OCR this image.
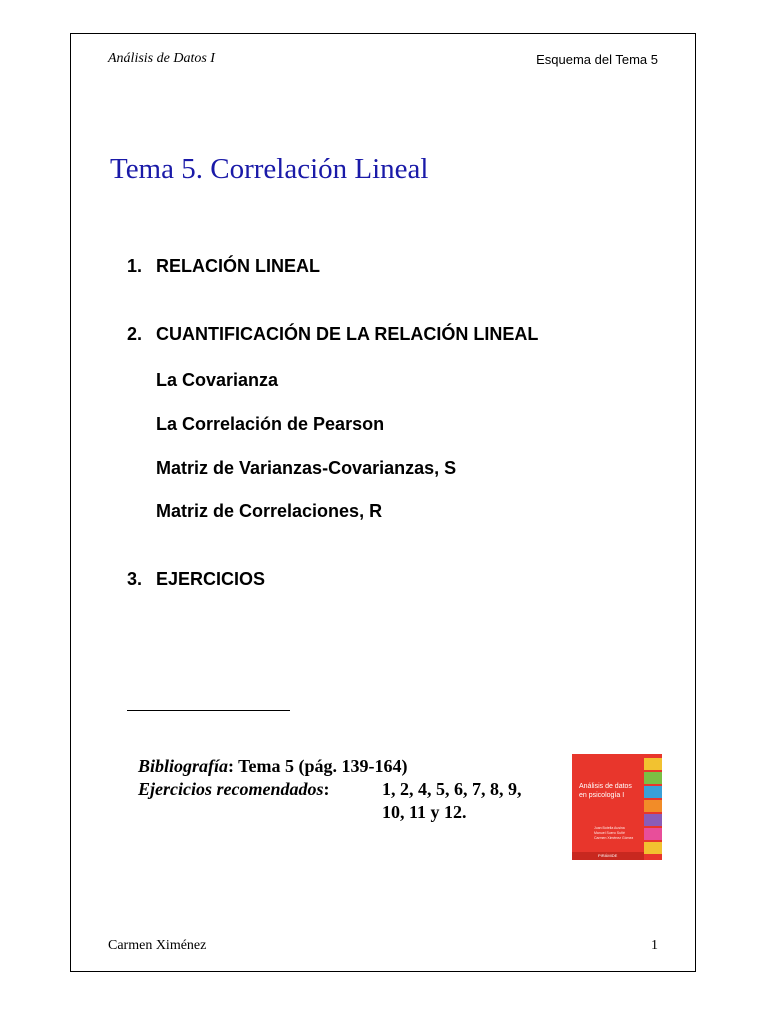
Análisis de Datos I	Esquema del Tema 5
Tema 5. Correlación Lineal
1. RELACIÓN LINEAL
2. CUANTIFICACIÓN DE LA RELACIÓN LINEAL
La Covarianza
La Correlación de Pearson
Matriz de Varianzas-Covarianzas, S
Matriz de Correlaciones, R
3. EJERCICIOS
Bibliografía: Tema 5 (pág. 139-164)
Ejercicios recomendados:	1, 2, 4, 5, 6, 7, 8, 9,
10, 11 y 12.
Análisis de datos
en psicología I
Juan Botella Ausina
Manuel Suero Suñé
Carmen Ximénez Gómez
PIRÁMIDE
Carmen Ximénez	1
